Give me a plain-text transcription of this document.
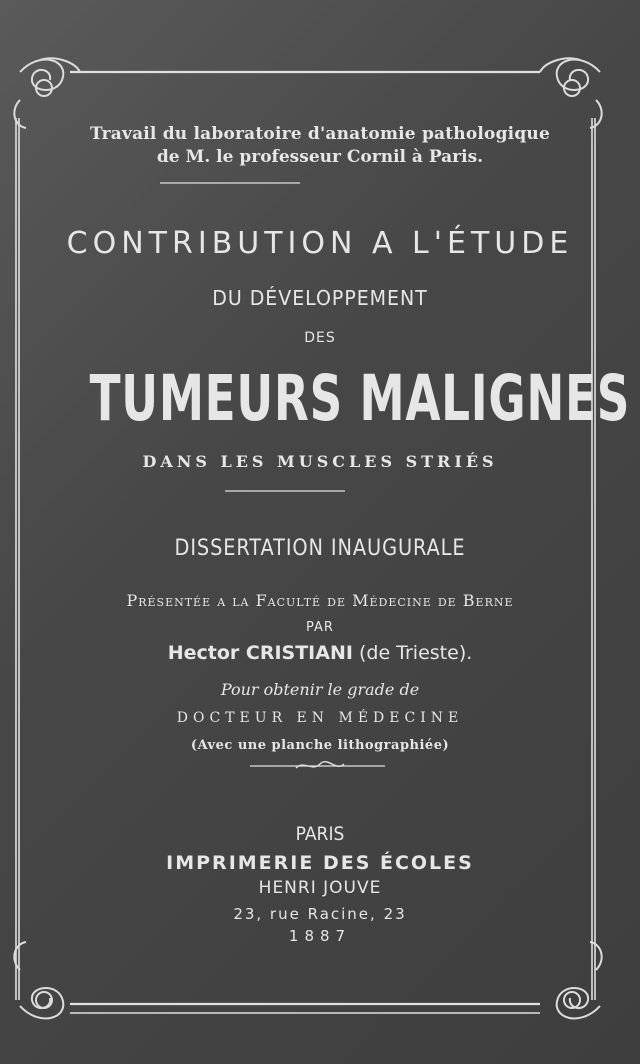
Travail du laboratoire d'anatomie pathologique
de M. le professeur Cornil à Paris.
CONTRIBUTION A L'ÉTUDE
DU DÉVELOPPEMENT
DES
TUMEURS MALIGNES
DANS LES MUSCLES STRIÉS
DISSERTATION INAUGURALE
Présentée a la Faculté de Médecine de Berne
PAR
Hector CRISTIANI (de Trieste).
Pour obtenir le grade de
DOCTEUR EN MÉDECINE
(Avec une planche lithographiée)
PARIS
IMPRIMERIE DES ÉCOLES
HENRI JOUVE
23, rue Racine, 23
1887
